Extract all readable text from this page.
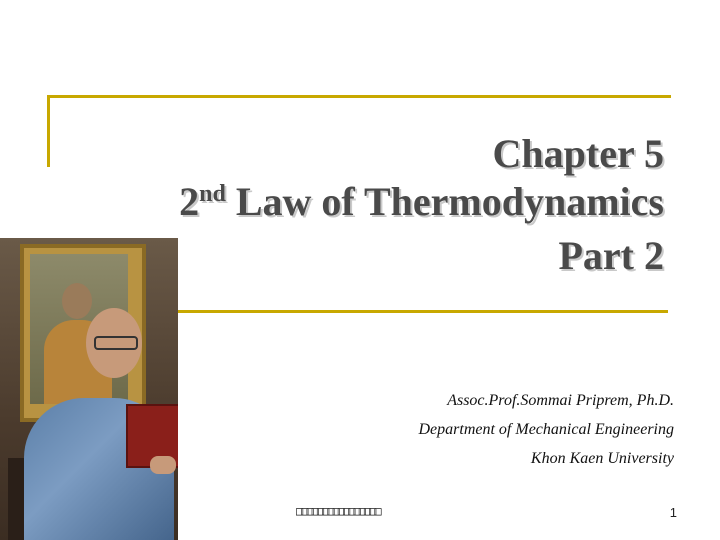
Chapter 5
2nd Law of Thermodynamics
Part 2
Assoc.Prof.Sommai Priprem, Ph.D.
Department of Mechanical Engineering
Khon Kaen University
□□□□□□□□□□□□□□□□	1
